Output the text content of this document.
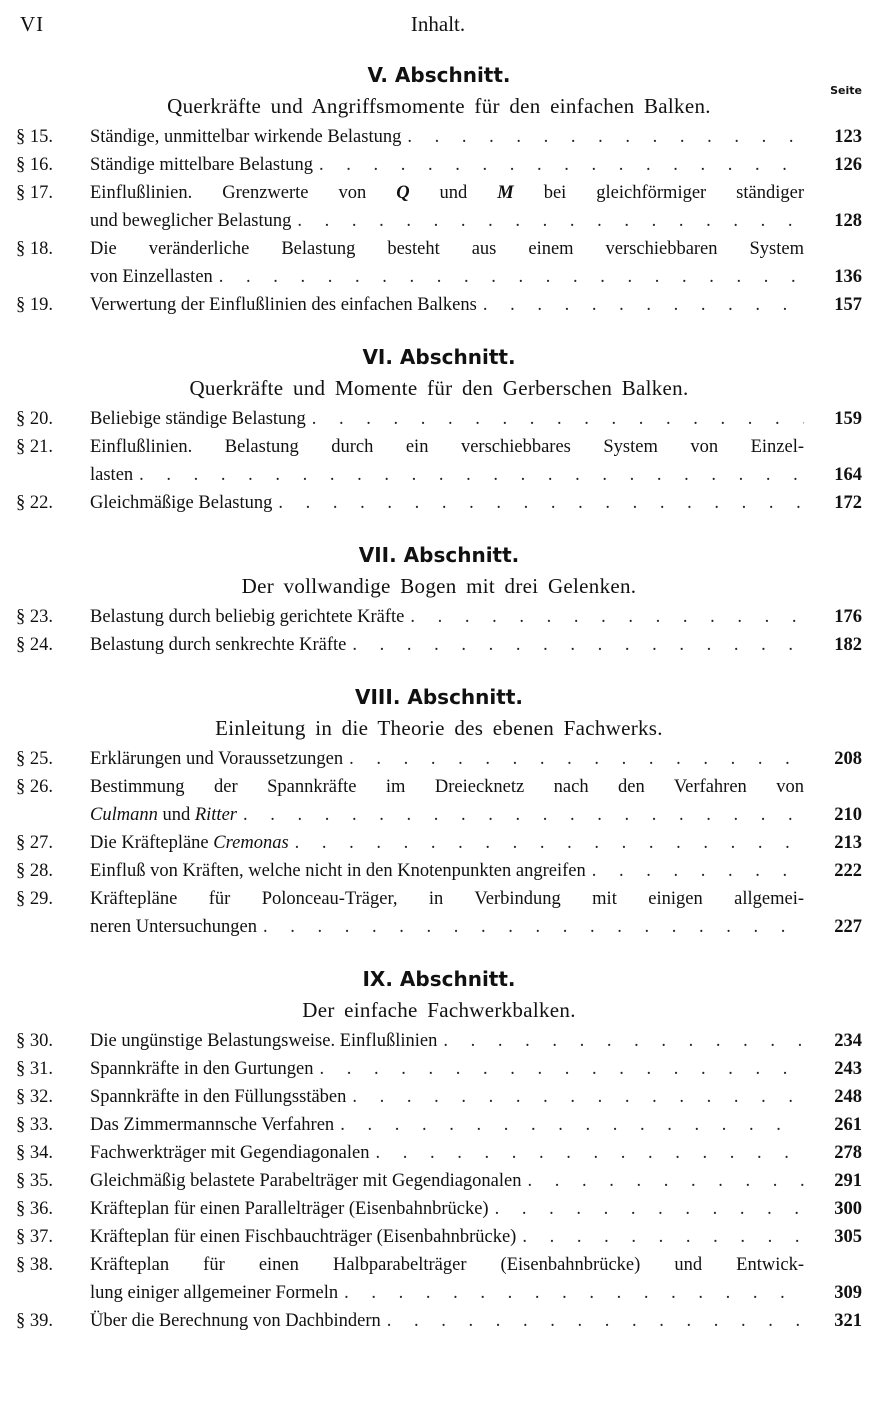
VI	Inhalt.
V. Abschnitt.
Seite
Querkräfte und Angriffsmomente für den einfachen Balken.
§ 15.	Ständige, unmittelbar wirkende Belastung . . .	123
§ 16.	Ständige mittelbare Belastung . . .	126
§ 17.	Einflußlinien. Grenzwerte von Q und M bei gleichförmiger ständiger
und beweglicher Belastung . . .	128
§ 18.	Die veränderliche Belastung besteht aus einem verschiebbaren System
von Einzellasten . . .	136
§ 19.	Verwertung der Einflußlinien des einfachen Balkens . . .	157
VI. Abschnitt.
Querkräfte und Momente für den Gerberschen Balken.
§ 20.	Beliebige ständige Belastung . . .	159
§ 21.	Einflußlinien. Belastung durch ein verschiebbares System von Einzel-
lasten . . .	164
§ 22.	Gleichmäßige Belastung . . .	172
VII. Abschnitt.
Der vollwandige Bogen mit drei Gelenken.
§ 23.	Belastung durch beliebig gerichtete Kräfte . . .	176
§ 24.	Belastung durch senkrechte Kräfte . . .	182
VIII. Abschnitt.
Einleitung in die Theorie des ebenen Fachwerks.
§ 25.	Erklärungen und Voraussetzungen . . .	208
§ 26.	Bestimmung der Spannkräfte im Dreiecknetz nach den Verfahren von
Culmann und Ritter . . .	210
§ 27.	Die Kräftepläne Cremonas . . .	213
§ 28.	Einfluß von Kräften, welche nicht in den Knotenpunkten angreifen . . .	222
§ 29.	Kräftepläne für Polonceau-Träger, in Verbindung mit einigen allgemei-
neren Untersuchungen . . .	227
IX. Abschnitt.
Der einfache Fachwerkbalken.
§ 30.	Die ungünstige Belastungsweise. Einflußlinien . . .	234
§ 31.	Spannkräfte in den Gurtungen . . .	243
§ 32.	Spannkräfte in den Füllungsstäben . . .	248
§ 33.	Das Zimmermannsche Verfahren . . .	261
§ 34.	Fachwerkträger mit Gegendiagonalen . . .	278
§ 35.	Gleichmäßig belastete Parabelträger mit Gegendiagonalen . . .	291
§ 36.	Kräfteplan für einen Parallelträger (Eisenbahnbrücke) . . .	300
§ 37.	Kräfteplan für einen Fischbauchträger (Eisenbahnbrücke) . . .	305
§ 38.	Kräfteplan für einen Halbparabelträger (Eisenbahnbrücke) und Entwick-
lung einiger allgemeiner Formeln . . .	309
§ 39.	Über die Berechnung von Dachbindern . . .	321
